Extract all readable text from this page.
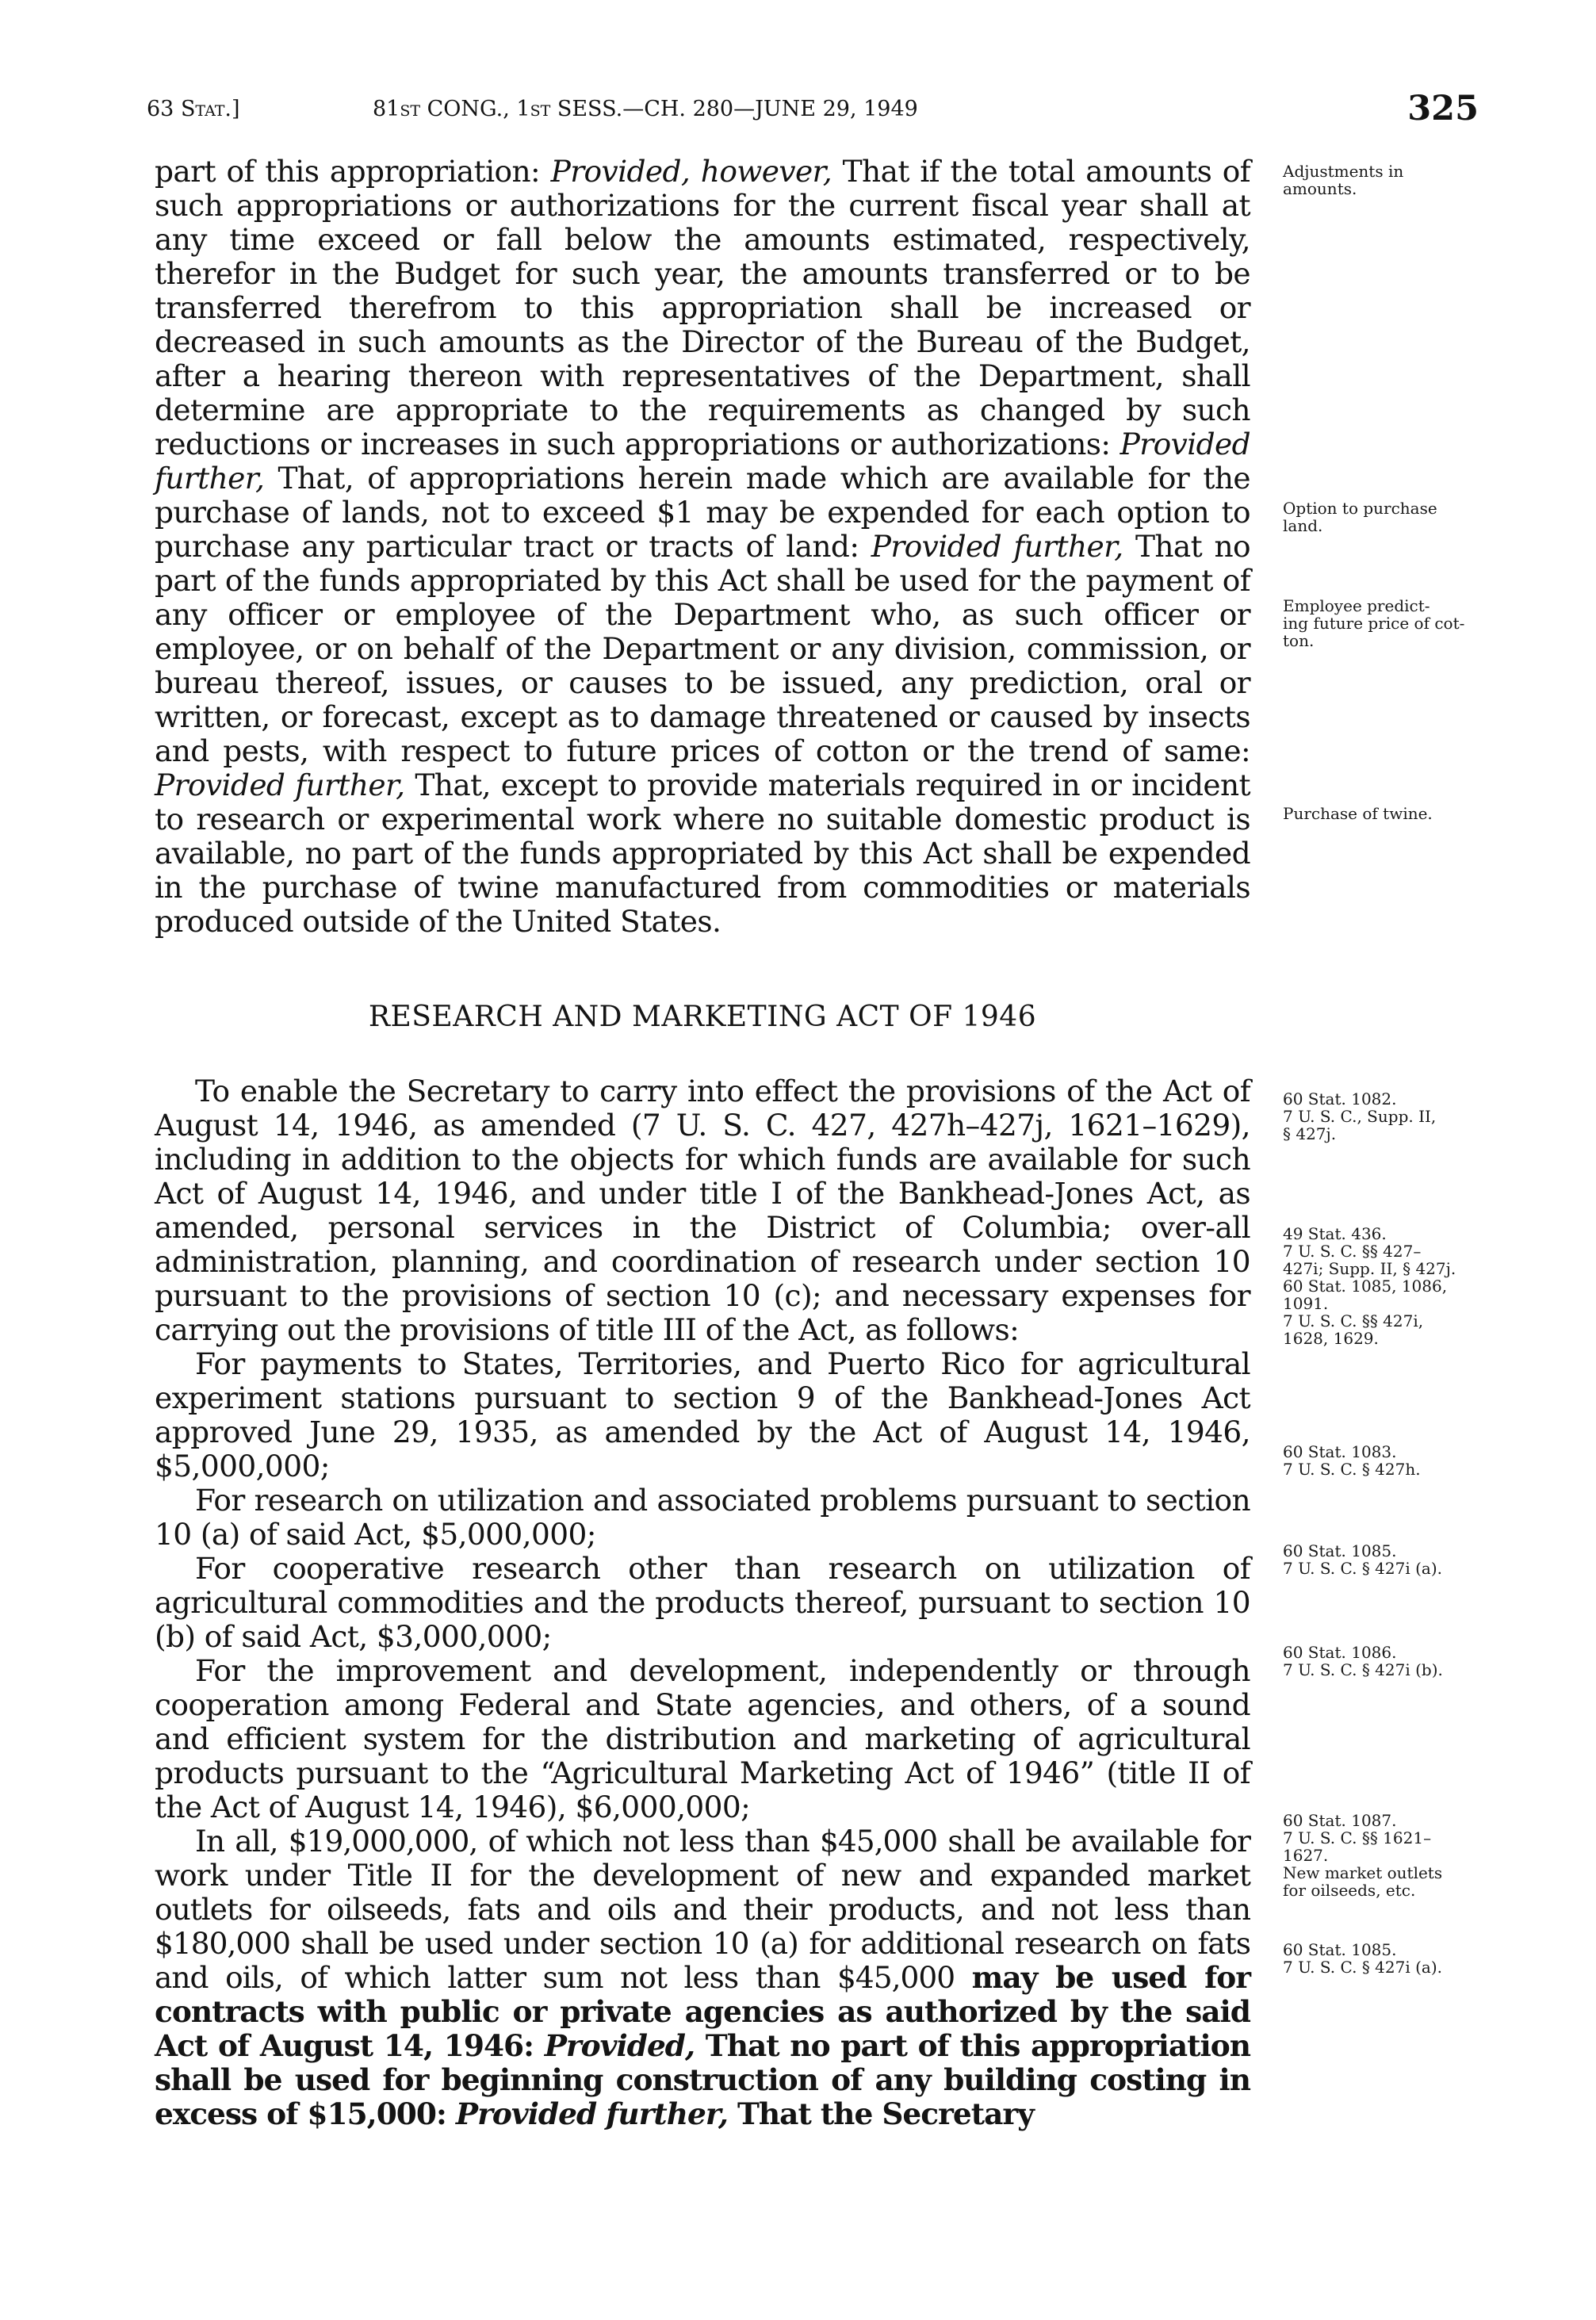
63 Stat.]	81st CONG., 1st SESS.—CH. 280—JUNE 29, 1949	325

part of this appropriation: Provided, however, That if the total amounts of such appropriations or authorizations for the current fiscal year shall at any time exceed or fall below the amounts estimated, respectively, therefor in the Budget for such year, the amounts transferred or to be transferred therefrom to this appropriation shall be increased or decreased in such amounts as the Director of the Bureau of the Budget, after a hearing thereon with representatives of the Department, shall determine are appropriate to the requirements as changed by such reductions or increases in such appropriations or authorizations: Provided further, That, of appropriations herein made which are available for the purchase of lands, not to exceed $1 may be expended for each option to purchase any particular tract or tracts of land: Provided further, That no part of the funds appropriated by this Act shall be used for the payment of any officer or employee of the Department who, as such officer or employee, or on behalf of the Department or any division, commission, or bureau thereof, issues, or causes to be issued, any prediction, oral or written, or forecast, except as to damage threatened or caused by insects and pests, with respect to future prices of cotton or the trend of same: Provided further, That, except to provide materials required in or incident to research or experimental work where no suitable domestic product is available, no part of the funds appropriated by this Act shall be expended in the purchase of twine manufactured from commodities or materials produced outside of the United States.

RESEARCH AND MARKETING ACT OF 1946

To enable the Secretary to carry into effect the provisions of the Act of August 14, 1946, as amended (7 U. S. C. 427, 427h–427j, 1621–1629), including in addition to the objects for which funds are available for such Act of August 14, 1946, and under title I of the Bankhead-Jones Act, as amended, personal services in the District of Columbia; over-all administration, planning, and coordination of research under section 10 pursuant to the provisions of section 10 (c); and necessary expenses for carrying out the provisions of title III of the Act, as follows:

For payments to States, Territories, and Puerto Rico for agricultural experiment stations pursuant to section 9 of the Bankhead-Jones Act approved June 29, 1935, as amended by the Act of August 14, 1946, $5,000,000;

For research on utilization and associated problems pursuant to section 10 (a) of said Act, $5,000,000;

For cooperative research other than research on utilization of agricultural commodities and the products thereof, pursuant to section 10 (b) of said Act, $3,000,000;

For the improvement and development, independently or through cooperation among Federal and State agencies, and others, of a sound and efficient system for the distribution and marketing of agricultural products pursuant to the “Agricultural Marketing Act of 1946” (title II of the Act of August 14, 1946), $6,000,000;

In all, $19,000,000, of which not less than $45,000 shall be available for work under Title II for the development of new and expanded market outlets for oilseeds, fats and oils and their products, and not less than $180,000 shall be used under section 10 (a) for additional research on fats and oils, of which latter sum not less than $45,000 may be used for contracts with public or private agencies as authorized by the said Act of August 14, 1946: Provided, That no part of this appropriation shall be used for beginning construction of any building costing in excess of $15,000: Provided further, That the Secretary

Adjustments in
amounts.
Option to purchase
land.
Employee predict-
ing future price of cot-
ton.
Purchase of twine.
60 Stat. 1082.
7 U. S. C., Supp. II,
§ 427j.
49 Stat. 436.
7 U. S. C. §§ 427–
427i; Supp. II, § 427j.
60 Stat. 1085, 1086,
1091.
7 U. S. C. §§ 427i,
1628, 1629.
60 Stat. 1083.
7 U. S. C. § 427h.
60 Stat. 1085.
7 U. S. C. § 427i (a).
60 Stat. 1086.
7 U. S. C. § 427i (b).
60 Stat. 1087.
7 U. S. C. §§ 1621–
1627.
New market outlets
for oilseeds, etc.
60 Stat. 1085.
7 U. S. C. § 427i (a).
